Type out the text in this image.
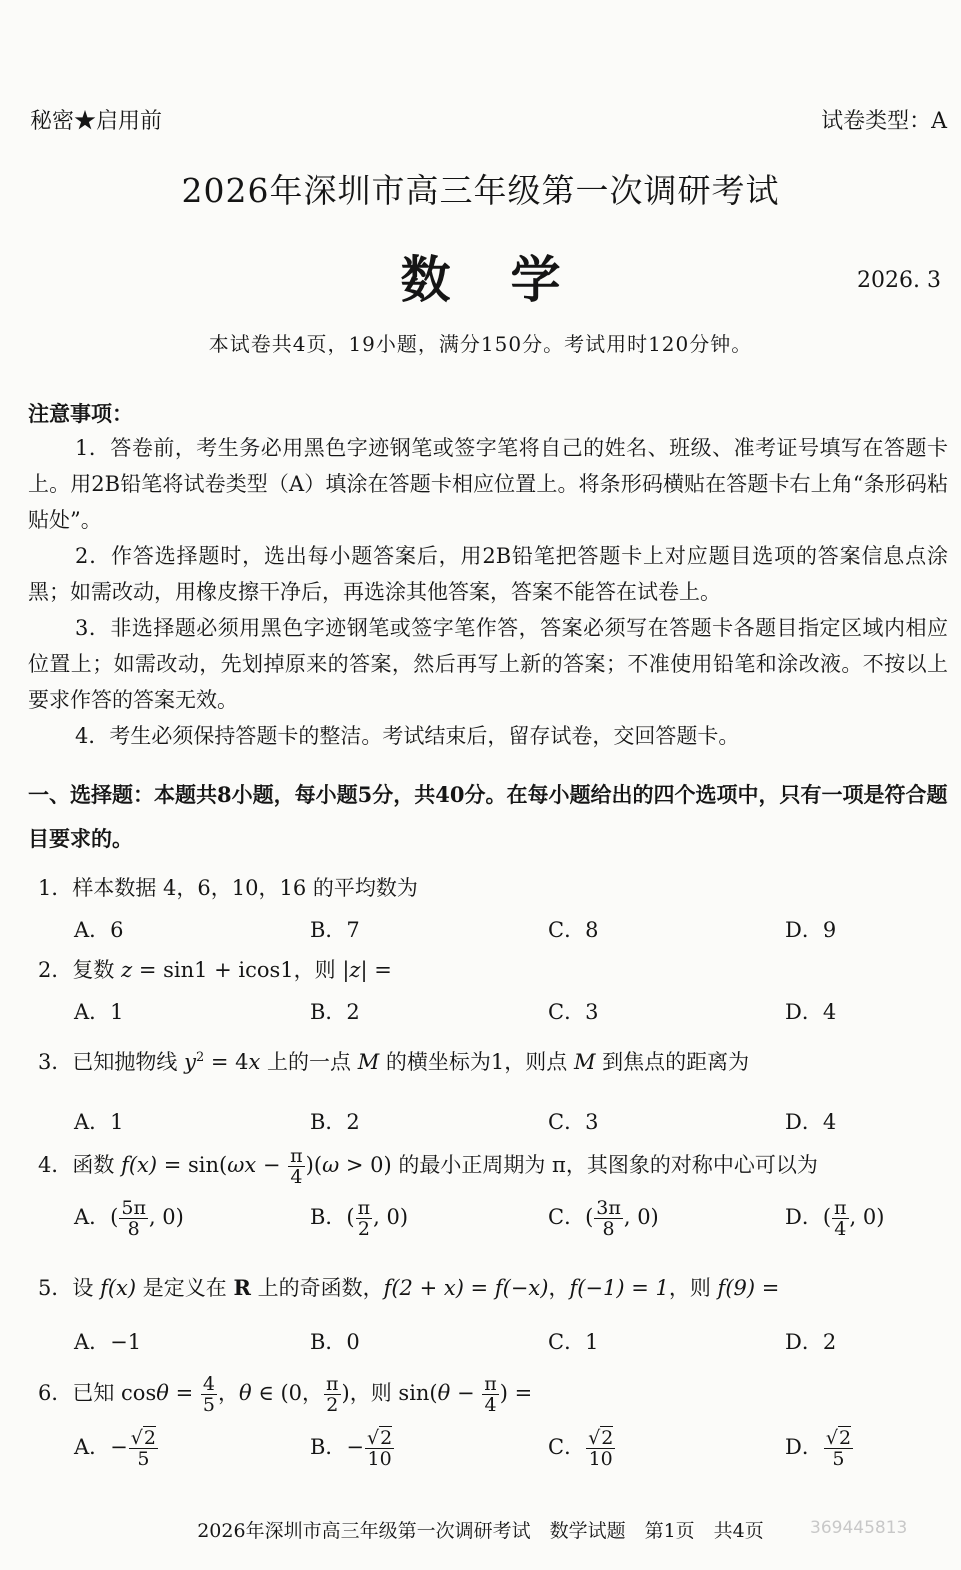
秘密★启用前	试卷类型：A
2026年深圳市高三年级第一次调研考试
数学	2026. 3
本试卷共4页，19小题，满分150分。考试用时120分钟。
注意事项：
1．答卷前，考生务必用黑色字迹钢笔或签字笔将自己的姓名、班级、准考证号填写在答题卡上。用2B铅笔将试卷类型（A）填涂在答题卡相应位置上。将条形码横贴在答题卡右上角“条形码粘贴处”。
2．作答选择题时，选出每小题答案后，用2B铅笔把答题卡上对应题目选项的答案信息点涂黑；如需改动，用橡皮擦干净后，再选涂其他答案，答案不能答在试卷上。
3．非选择题必须用黑色字迹钢笔或签字笔作答，答案必须写在答题卡各题目指定区域内相应位置上；如需改动，先划掉原来的答案，然后再写上新的答案；不准使用铅笔和涂改液。不按以上要求作答的答案无效。
4．考生必须保持答题卡的整洁。考试结束后，留存试卷，交回答题卡。
一、选择题：本题共8小题，每小题5分，共40分。在每小题给出的四个选项中，只有一项是符合题目要求的。
1．样本数据 4，6，10，16 的平均数为
A．6	B．7	C．8	D．9
2．复数 z = sin1 + icos1，则 |z| =
A．1	B．2	C．3	D．4
3．已知抛物线 $y^2 = 4x$ 上的一点 M 的横坐标为1，则点 M 到焦点的距离为
A．1	B．2	C．3	D．4
4．函数 $f(x) = \sin(\omega x - \frac{\pi}{4} )(\omega > 0)$ 的最小正周期为 π，其图象的对称中心可以为
A．( $\frac{5\pi}{8}$ , 0)	B．( $\frac{\pi}{2}$ , 0)	C．( $\frac{3\pi}{8}$ , 0)	D．( $\frac{\pi}{4}$ , 0)
5．设 f(x) 是定义在 R 上的奇函数，f(2 + x) = f(−x)，f(−1) = 1，则 f(9) =
A．−1	B．0	C．1	D．2
6．已知 $\cos\theta = \frac{4}{5}$ ，θ ∈ (0， $\frac{\pi}{2}$ )，则 $\sin(\theta - \frac{\pi}{4}$ ) =
A．− $\frac{√2}{5}$	B．− $\frac{√2}{10}$	C． $\frac{√2}{10}$	D． $\frac{√2}{5}$
2026年深圳市高三年级第一次调研考试　数学试题　第1页　共4页	369445813
